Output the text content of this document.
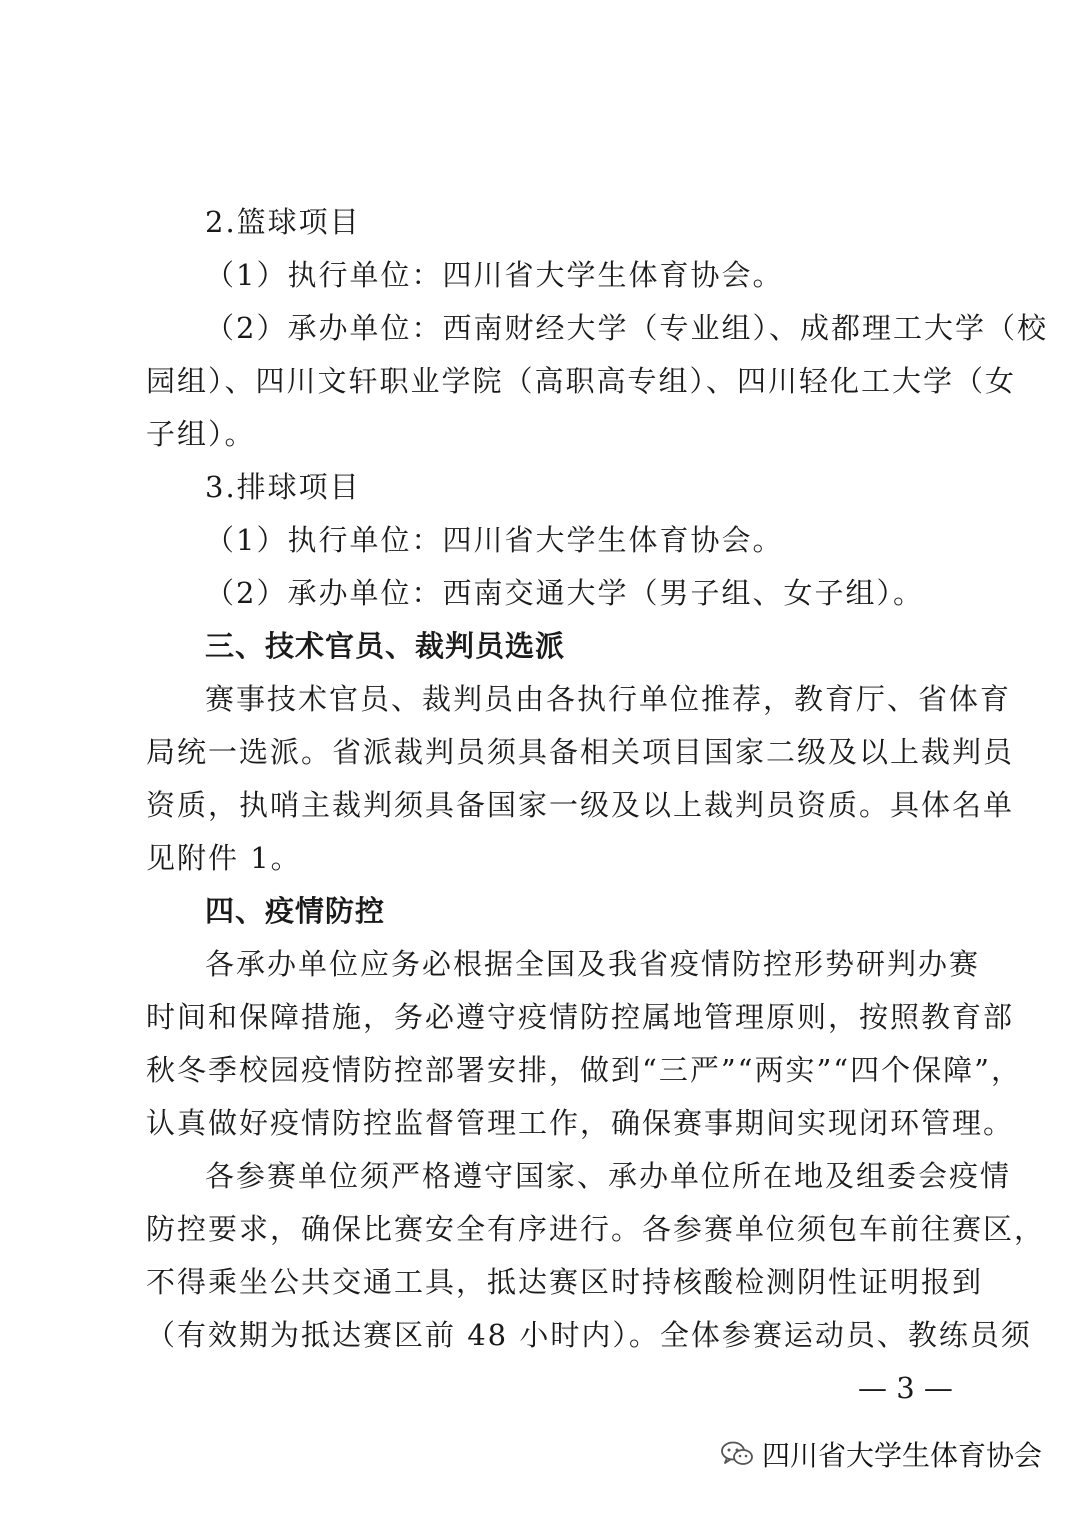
2.篮球项目
（1）执行单位：四川省大学生体育协会。
（2）承办单位：西南财经大学（专业组）、成都理工大学（校
园组）、四川文轩职业学院（高职高专组）、四川轻化工大学（女
子组）。
3.排球项目
（1）执行单位：四川省大学生体育协会。
（2）承办单位：西南交通大学（男子组、女子组）。
三、技术官员、裁判员选派
赛事技术官员、裁判员由各执行单位推荐，教育厅、省体育
局统一选派。省派裁判员须具备相关项目国家二级及以上裁判员
资质，执哨主裁判须具备国家一级及以上裁判员资质。具体名单
见附件 1。
四、疫情防控
各承办单位应务必根据全国及我省疫情防控形势研判办赛
时间和保障措施，务必遵守疫情防控属地管理原则，按照教育部
秋冬季校园疫情防控部署安排，做到“三严”“两实”“四个保障”，
认真做好疫情防控监督管理工作，确保赛事期间实现闭环管理。
各参赛单位须严格遵守国家、承办单位所在地及组委会疫情
防控要求，确保比赛安全有序进行。各参赛单位须包车前往赛区，
不得乘坐公共交通工具，抵达赛区时持核酸检测阴性证明报到
（有效期为抵达赛区前 48 小时内）。全体参赛运动员、教练员须
— 3 —
四川省大学生体育协会
